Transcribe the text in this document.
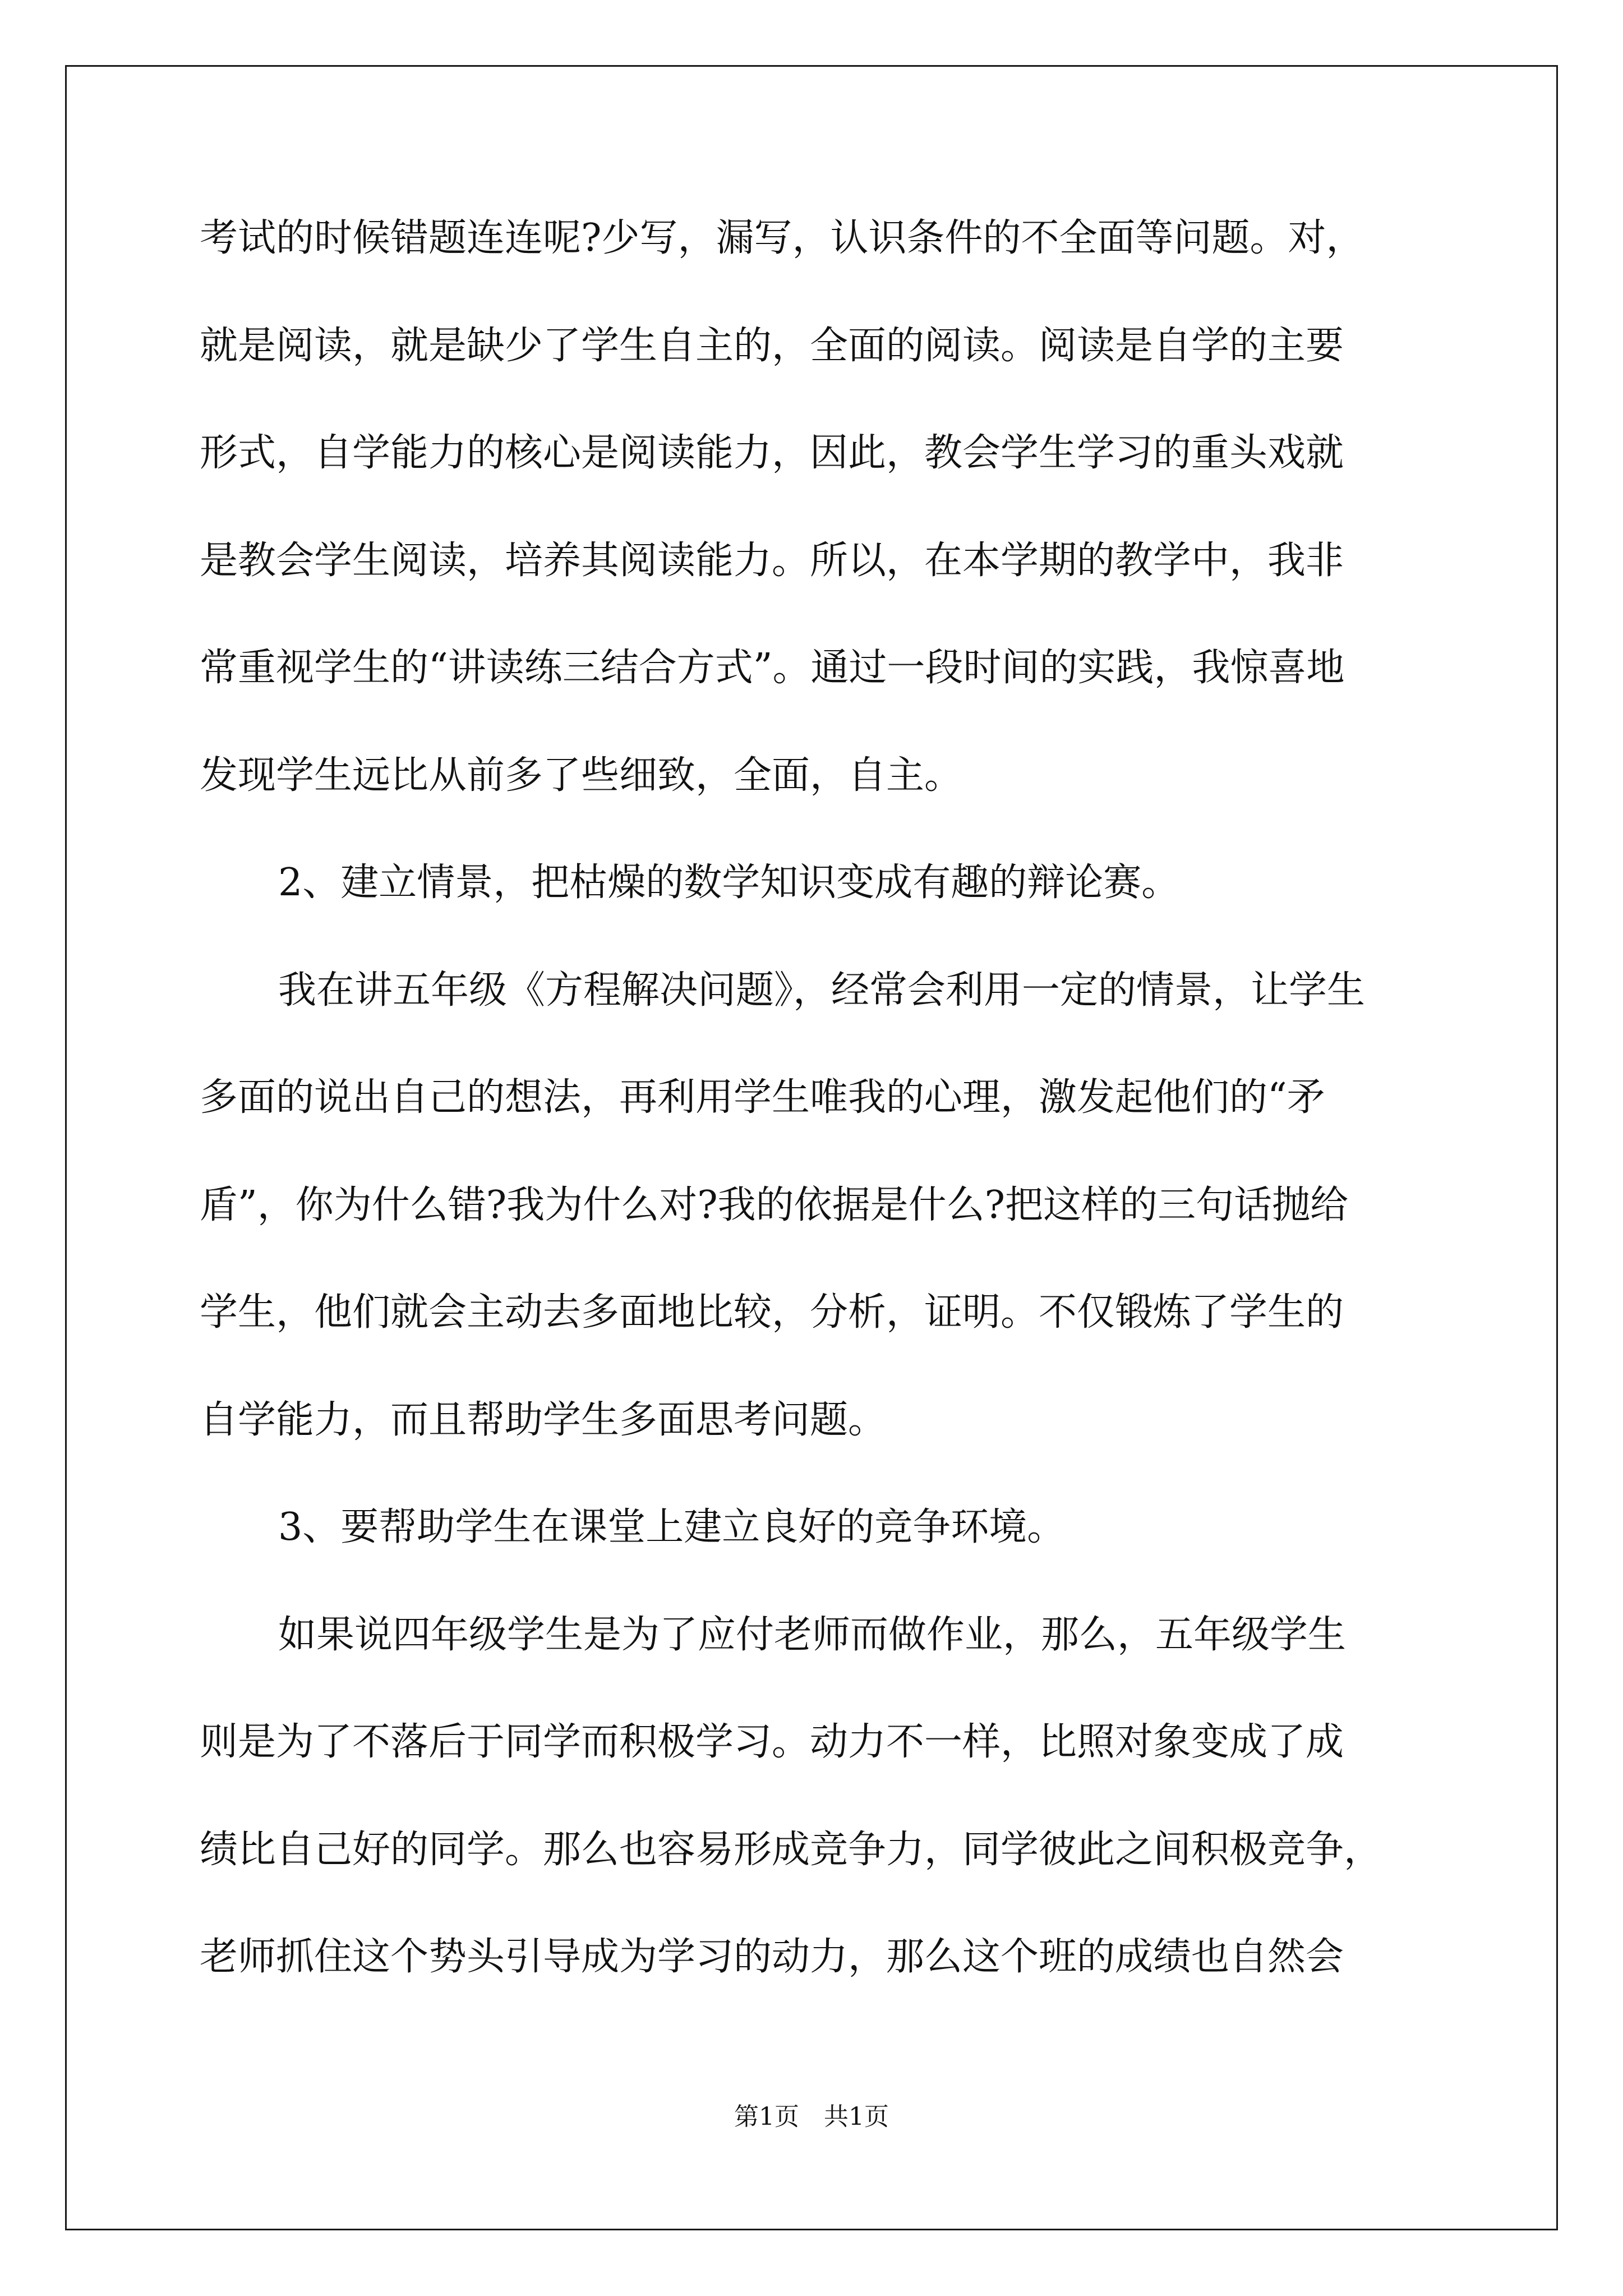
考试的时候错题连连呢?少写，漏写，认识条件的不全面等问题。对，
就是阅读，就是缺少了学生自主的，全面的阅读。阅读是自学的主要
形式，自学能力的核心是阅读能力，因此，教会学生学习的重头戏就
是教会学生阅读，培养其阅读能力。所以，在本学期的教学中，我非
常重视学生的“讲读练三结合方式”。通过一段时间的实践，我惊喜地
发现学生远比从前多了些细致，全面，自主。
2、建立情景，把枯燥的数学知识变成有趣的辩论赛。
我在讲五年级《方程解决问题》，经常会利用一定的情景，让学生
多面的说出自己的想法，再利用学生唯我的心理，激发起他们的“矛
盾”，你为什么错?我为什么对?我的依据是什么?把这样的三句话抛给
学生，他们就会主动去多面地比较，分析，证明。不仅锻炼了学生的
自学能力，而且帮助学生多面思考问题。
3、要帮助学生在课堂上建立良好的竞争环境。
如果说四年级学生是为了应付老师而做作业，那么，五年级学生
则是为了不落后于同学而积极学习。动力不一样，比照对象变成了成
绩比自己好的同学。那么也容易形成竞争力，同学彼此之间积极竞争，
老师抓住这个势头引导成为学习的动力，那么这个班的成绩也自然会
第1页　共1页
